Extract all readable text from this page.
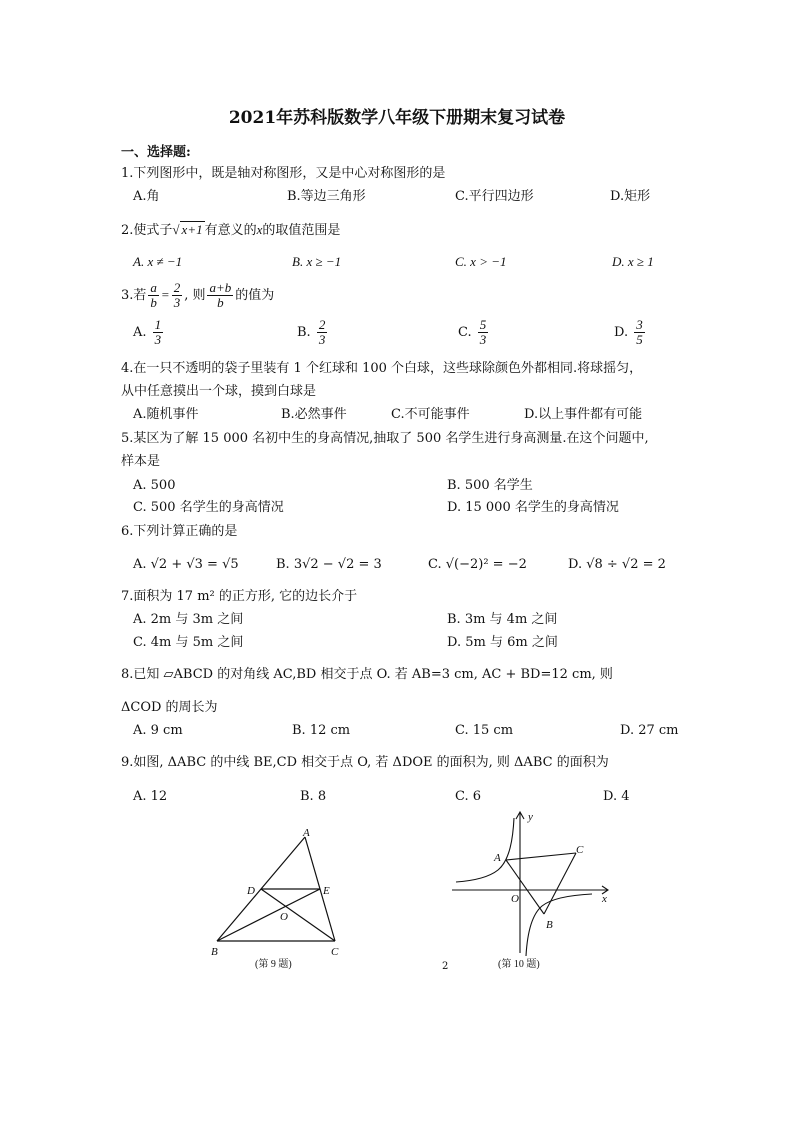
2021年苏科版数学八年级下册期末复习试卷
一、选择题:
1.下列图形中，既是轴对称图形，又是中心对称图形的是
A.角	B.等边三角形	C.平行四边形	D.矩形
2.使式子√ x+1 有意义的x的取值范围是
A. x ≠ −1	B. x ≥ −1	C. x > −1	D. x ≥ 1
3.若 $\frac{a}{b} = \frac{2}{3}$ , 则 $\frac{a+b}{b}$ 的值为
A. $\frac{1}{3}$	B. $\frac{2}{3}$	C. $\frac{5}{3}$	D. $\frac{3}{5}$
4.在一只不透明的袋子里装有 1 个红球和 100 个白球，这些球除颜色外都相同.将球摇匀，
从中任意摸出一个球，摸到白球是
A.随机事件	B.必然事件	C.不可能事件	D.以上事件都有可能
5.某区为了解 15 000 名初中生的身高情况,抽取了 500 名学生进行身高测量.在这个问题中,
样本是
A. 500	B. 500 名学生
C. 500 名学生的身高情况	D. 15 000 名学生的身高情况
6.下列计算正确的是
A. √2 + √3 = √5	B. 3√2 − √2 = 3	C. √(−2)² = −2	D. √8 ÷ √2 = 2
7.面积为 17 m² 的正方形, 它的边长介于
A. 2m 与 3m 之间	B. 3m 与 4m 之间
C. 4m 与 5m 之间	D. 5m 与 6m 之间
8.已知 ▱ABCD 的对角线 AC,BD 相交于点 O. 若 AB=3 cm, AC + BD=12 cm, 则
ΔCOD 的周长为
A. 9 cm	B. 12 cm	C. 15 cm	D. 27 cm
9.如图, ΔABC 的中线 BE,CD 相交于点 O, 若 ΔDOE 的面积为, 则 ΔABC 的面积为
A. 12	B. 8	C. 6	D. 4
A
B	C
D	E
O
(第 9 题)
A
B
C
O	x
y
(第 10 题)
2
